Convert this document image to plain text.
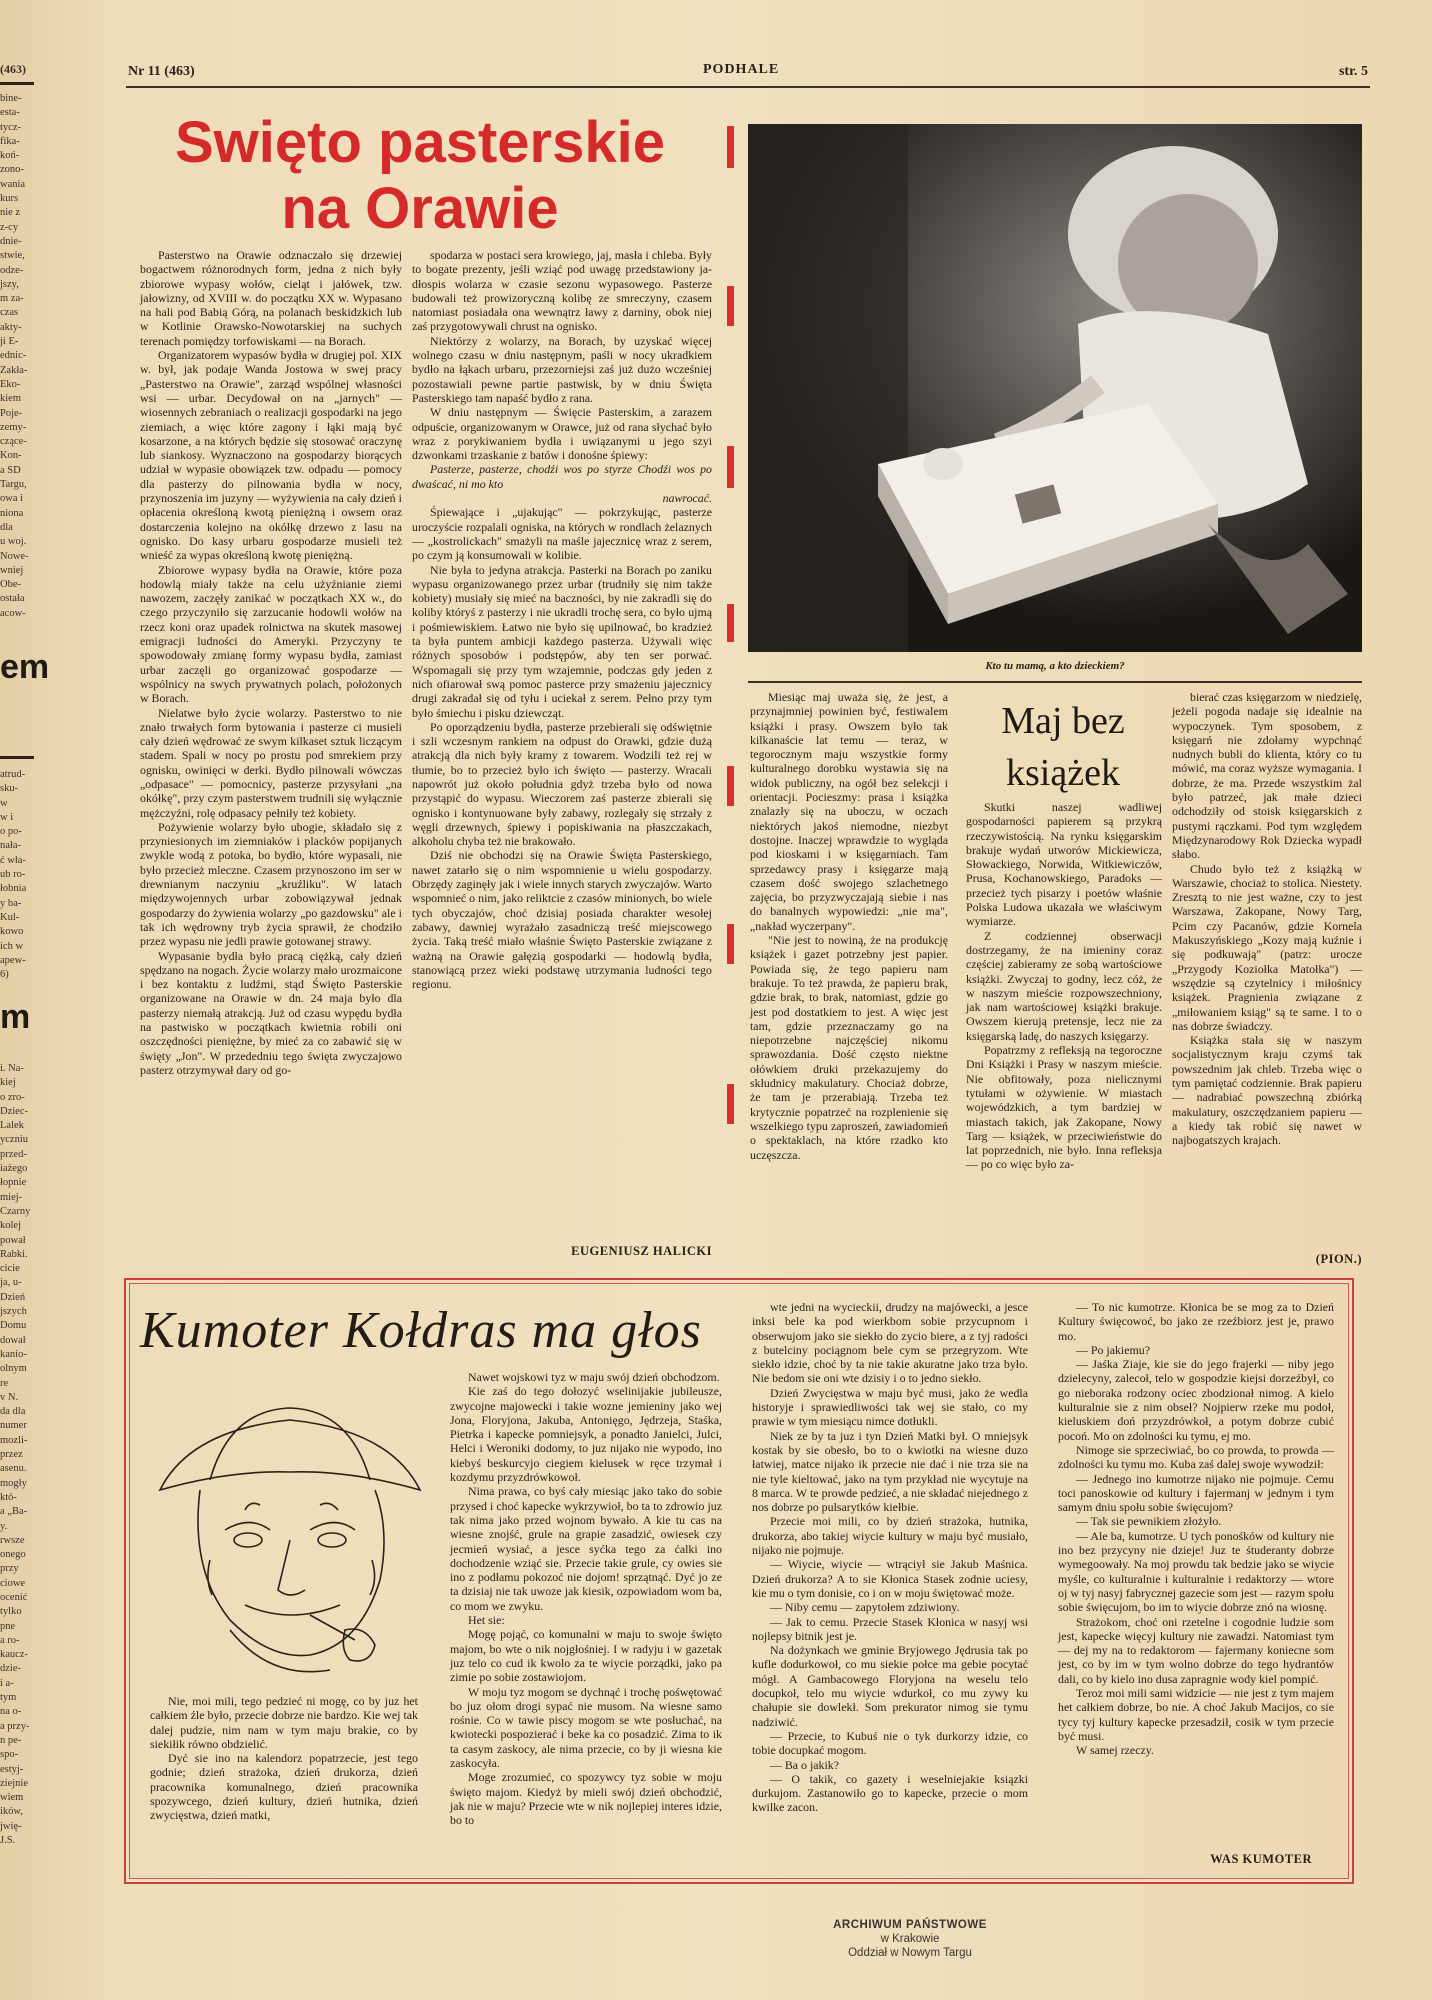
(463)
bine-
esta-
tycz-
fika-
koń-
zono-
wania
kurs
nie z
z-cy
dnie-
stwie,
odze-
jszy,
m za-
czas
akty-
ji E-
ednic-
Zakła-
Eko-
kiem
Poje-
zemy-
czące-
Kon-
a SD
Targu,
owa i
niona
dla
u woj.
Nowe-
wniej
Obe-
ostała
acow-
em
atrud-
sku-
w
w i
o po-
nała-
ć wła-
ub ro-
łobnia
y ba-
Kul-
kowo
ich w
apew-
6)
m
i. Na-
kiej
o zro-
Dziec-
Lalek
yczniu
przed-
iażego
łopnie
miej-
Czarny
kolej
pował
Rabki.
cicie
ja, u-
Dzień
jszych
Domu
dował
kanio-
olnym
re
v N.
da dla
numer
mozli-
przez
asenu.
mogły
któ-
a „Ba-
y.
rwsze
onego
przy
ciowe
ocenić
tylko
pne
a ro-
kaucz-
dzie-
i a-
tym
na o-
a przy-
n pe-
spo-
estyj-
ziejnie
wiem
ików,
jwię-
J.S.
Nr 11 (463)	PODHALE	str. 5
Swięto pasterskie
na Orawie

Pasterstwo na Orawie odznaczało się drzewiej bogactwem różnorodnych form, jedna z nich były zbiorowe wypasy wołów, cieląt i jałówek, tzw. jałowizny, od XVIII w. do początku XX w. Wypasano na hali pod Babią Górą, na polanach beskidzkich lub w Kotlinie Orawsko-Nowotarskiej na suchych terenach pomiędzy torfowiskami — na Borach.

Organizatorem wypasów bydła w drugiej pol. XIX w. był, jak podaje Wanda Jostowa w swej pracy „Pasterstwo na Orawie", zarząd wspólnej własności wsi — urbar. Decydował on na „jarnych" — wiosennych zebraniach o realizacji gospodarki na jego ziemiach, a więc które zagony i łąki mają być kosarzone, a na których będzie się stosować oraczynę lub siankosy. Wyznaczono na gospodarzy biorących udział w wypasie obowiązek tzw. odpadu — pomocy dla pasterzy do pilnowania bydła w nocy, przynoszenia im juzyny — wyżywienia na cały dzień i opłacenia określoną kwotą pieniężną i owsem oraz dostarczenia kolejno na okółkę drzewo z lasu na ognisko. Do kasy urbaru gospodarze musieli też wnieść za wypas określoną kwotę pieniężną.

Zbiorowe wypasy bydła na Orawie, które poza hodowlą miały także na celu użyźnianie ziemi nawozem, zaczęły zanikać w początkach XX w., do czego przyczyniło się zarzucanie hodowli wołów na rzecz koni oraz upadek rolnictwa na skutek masowej emigracji ludności do Ameryki. Przyczyny te spowodowały zmianę formy wypasu bydła, zamiast urbar zaczęli go organizować gospodarze — wspólnicy na swych prywatnych polach, położonych w Borach.

Nielatwe było życie wolarzy. Pasterstwo to nie znało trwałych form bytowania i pasterze ci musieli cały dzień wędrować ze swym kilkaset sztuk liczącym stadem. Spali w nocy po prostu pod smrekiem przy ognisku, owinięci w derki. Bydło pilnowali wówczas „odpasace" — pomocnicy, pasterze przysyłani „na okółkę", przy czym pasterstwem trudnili się wyłącznie mężczyźni, rolę odpasacy pełniły też kobiety.

Pożywienie wolarzy było ubogie, składało się z przyniesionych im ziemniaków i placków popijanych zwykle wodą z potoka, bo bydło, które wypasali, nie było przecież mleczne. Czasem przynoszono im ser w drewnianym naczyniu „kruźliku". W latach międzywojennych urbar zobowiązywał jednak gospodarzy do żywienia wolarzy „po gazdowsku" ale i tak ich wędrowny tryb życia sprawił, że chodziło przez wypasu nie jedli prawie gotowanej strawy.

Wypasanie bydła było pracą ciężką, cały dzień spędzano na nogach. Życie wolarzy mało urozmaicone i bez kontaktu z ludźmi, stąd Święto Pasterskie organizowane na Orawie w dn. 24 maja było dla pasterzy niemałą atrakcją. Już od czasu wypędu bydła na pastwisko w początkach kwietnia robili oni oszczędności pieniężne, by mieć za co zabawić się w święty „Jon". W przededniu tego święta zwyczajowo pasterz otrzymywał dary od go-

spodarza w postaci sera krowiego, jaj, masła i chleba. Były to bogate prezenty, jeśli wziąć pod uwagę przedstawiony ja-dłospis wolarza w czasie sezonu wypasowego. Pasterze budowali też prowizoryczną kolibę ze smreczyny, czasem natomiast posiadała ona wewnątrz ławy z darniny, obok niej zaś przygotowywali chrust na ognisko.

Niektórzy z wolarzy, na Borach, by uzyskać więcej wolnego czasu w dniu następnym, paśli w nocy ukradkiem bydło na łąkach urbaru, przezorniejsi zaś już dużo wcześniej pozostawiali pewne partie pastwisk, by w dniu Święta Pasterskiego tam napaść bydło z rana.

W dniu następnym — Święcie Pasterskim, a zarazem odpuście, organizowanym w Orawce, już od rana słychać było wraz z porykiwaniem bydła i uwiązanymi u jego szyi dzwonkami trzaskanie z batów i donośne śpiewy:

Pasterze, pasterze, chodźi wos po styrze Chodźi wos po dwaścać, ni mo kto

nawrocać.

Śpiewające i „ujakując" — pokrzykując, pasterze uroczyście rozpalali ogniska, na których w rondlach żelaznych — „kostrolickach" smażyli na maśle jajecznicę wraz z serem, po czym ją konsumowali w kolibie.

Nie była to jedyna atrakcja. Pasterki na Borach po zaniku wypasu organizowanego przez urbar (trudniły się nim także kobiety) musiały się mieć na baczności, by nie zakradli się do koliby któryś z pasterzy i nie ukradli trochę sera, co było ujmą i pośmiewiskiem. Łatwo nie było się upilnować, bo kradzież ta była puntem ambicji każdego pasterza. Używali więc różnych sposobów i podstępów, aby ten ser porwać. Wspomagali się przy tym wzajemnie, podczas gdy jeden z nich ofiarował swą pomoc pasterce przy smażeniu jajecznicy drugi zakradał się od tyłu i uciekał z serem. Pełno przy tym było śmiechu i pisku dziewcząt.

Po oporządzeniu bydła, pasterze przebierali się odświętnie i szli wczesnym rankiem na odpust do Orawki, gdzie dużą atrakcją dla nich były kramy z towarem. Wodzili też rej w tłumie, bo to przecież było ich święto — pasterzy. Wracali napowrót już około południa gdyż trzeba było od nowa przystąpić do wypasu. Wieczorem zaś pasterze zbierali się ognisko i kontynuowane były zabawy, rozlegały się strzały z węgli drzewnych, śpiewy i popiskiwania na płaszczakach, alkoholu chyba też nie brakowało.

Dziś nie obchodzi się na Orawie Święta Pasterskiego, nawet zatarło się o nim wspomnienie u wielu gospodarzy. Obrzędy zaginęły jak i wiele innych starych zwyczajów. Warto wspomnieć o nim, jako reliktcie z czasów minionych, bo wiele tych obyczajów, choć dzisiaj posiada charakter wesołej zabawy, dawniej wyrażało zasadniczą treść miejscowego życia. Taką treść miało właśnie Święto Pasterskie związane z ważną na Orawie gałęzią gospodarki — hodowlą bydła, stanowiącą przez wieki podstawę utrzymania ludności tego regionu.

EUGENIUSZ HALICKI
Kto tu mamą, a kto dzieckiem?

Miesiąc maj uważa się, że jest, a przynajmniej powinien być, festiwalem książki i prasy. Owszem było tak kilkanaście lat temu — teraz, w tegorocznym maju wszystkie formy kulturalnego dorobku wystawia się na widok publiczny, na ogół bez selekcji i orientacji. Pocieszmy: prasa i książka znalazły się na uboczu, w oczach niektórych jakoś niemodne, niezbyt dostojne. Inaczej wprawdzie to wygląda pod kioskami i w księgarniach. Tam sprzedawcy prasy i księgarze mają czasem dość swojego szlachetnego zajęcia, bo przyzwyczajają siebie i nas do banalnych wypowiedzi: „nie ma", „nakład wyczerpany".

"Nie jest to nowiną, że na produkcję książek i gazet potrzebny jest papier. Powiada się, że tego papieru nam brakuje. To też prawda, że papieru brak, gdzie brak, to brak, natomiast, gdzie go jest pod dostatkiem to jest. A więc jest tam, gdzie przeznaczamy go na niepotrzebne najczęściej nikomu sprawozdania. Dość często niektne ołówkiem druki przekazujemy do skłudnicy makulatury. Chociaż dobrze, że tam je przerabiają. Trzeba też krytycznie popatrzeć na rozplenienie się wszelkiego typu zaproszeń, zawiadomień o spektaklach, na które rzadko kto uczęszcza.

Maj bez
książek

Skutki naszej wadliwej gospodarności papierem są przykrą rzeczywistością. Na rynku księgarskim brakuje wydań utworów Mickiewicza, Słowackiego, Norwida, Witkiewiczów, Prusa, Kochanowskiego, Paradoks — przecież tych pisarzy i poetów właśnie Polska Ludowa ukazała we właściwym wymiarze.

Z codziennej obserwacji dostrzegamy, że na imieniny coraz częściej zabieramy ze sobą wartościowe książki. Zwyczaj to godny, lecz cóż, że w naszym mieście rozpowszechniony, jak nam wartościowej książki brakuje. Owszem kierują pretensje, lecz nie za księgarską ladę, do naszych księgarzy.

Popatrzmy z refleksją na tegoroczne Dni Książki i Prasy w naszym mieście. Nie obfitowały, poza nielicznymi tytułami w ożywienie. W miastach wojewódzkich, a tym bardziej w miastach takich, jak Zakopane, Nowy Targ — książek, w przeciwieństwie do lat poprzednich, nie było. Inna refleksja — po co więc było za-

bierać czas księgarzom w niedzielę, jeżeli pogoda nadaje się idealnie na wypoczynek. Tym sposobem, z księgarń nie zdołamy wypchnąć nudnych bubli do klienta, który co tu mówić, ma coraz wyższe wymagania. I dobrze, że ma. Przede wszystkim żal było patrzeć, jak małe dzieci odchodziły od stoisk księgarskich z pustymi rączkami. Pod tym względem Międzynarodowy Rok Dziecka wypadł słabo.

Chudo było też z książką w Warszawie, chociaż to stolica. Niestety. Zresztą to nie jest ważne, czy to jest Warszawa, Zakopane, Nowy Targ, Pcim czy Pacanów, gdzie Kornela Makuszyńskiego „Kozy mają kuźnie i się podkuwają" (patrz: urocze „Przygody Koziołka Matołka") — wszędzie są czytelnicy i miłośnicy książek. Pragnienia związane z „miłowaniem ksiąg" są te same. I to o nas dobrze świadczy.

Książka stała się w naszym socjalistycznym kraju czymś tak powszednim jak chleb. Trzeba więc o tym pamiętać codziennie. Brak papieru — nadrabiać powszechną zbiórką makulatury, oszczędzaniem papieru — a kiedy tak robić się nawet w najbogatszych krajach.

(PION.)
Kumoter Kołdras ma głos

Nie, moi mili, tego pedzieć ni mogę, co by juz het całkiem źle było, przecie dobrze nie bardzo. Kie wej tak dalej pudzie, nim nam w tym maju brakie, co by siekiłik równo obdzielić.

Dyć sie ino na kalendorz popatrzecie, jest tego godnie; dzień strażoka, dzień drukorza, dzień pracownika komunalnego, dzień pracownika spozywcego, dzień kultury, dzień hutnika, dzień zwycięstwa, dzień matki,

Nawet wojskowi tyz w maju swój dzień obchodzom.

Kie zaś do tego dołozyć wselinijakie jubileusze, zwycojne majowecki i takie wozne jemieniny jako wej Jona, Floryjona, Jakuba, Antonięgo, Jędrzeja, Staśka, Pietrka i kapecke pomniejsyk, a ponadto Janielci, Julci, Helci i Weroniki dodomy, to juz nijako nie wypodo, ino kiebyś beskurcyjo ciegiem kielusek w ręce trzymał i kozdymu przyzdrówkowoł.

Nima prawa, co byś cały miesiąc jako tako do sobie przysed i choć kapecke wykrzywioł, bo ta to zdrowio juz tak nima jako przed wojnom bywało. A kie tu cas na wiesne znojść, grule na grapie zasadzić, owiesek czy jecmień wysiać, a jesce syćka tego za ćalki ino dochodzenie wziąć sie. Przecie takie grule, cy owies sie ino z podłamu pokozoć nie dojom! sprzątnąć. Dyć jo ze ta dzisiaj nie tak uwoze jak kiesik, ozpowiadom wom ba, co mom we zwyku.

Het sie:

Mogę pojąć, co komunalni w maju to swoje święto majom, bo wte o nik nojgłośniej. I w radyju i w gazetak juz telo co cud ik kwolo za te wiycie porządki, jako pa zimie po sobie zostawiojom.

W moju tyz mogom se dychnąć i trochę pośwętować bo juz ołom drogi sypać nie musom. Na wiesne samo rośnie. Co w tawie piscy mogom se wte posłuchać, na kwiotecki pospozierać i beke ka co posadzić. Zima to ik ta casym zaskocy, ale nima przecie, co by ji wiesna kie zaskocyła.

Moge zrozumieć, co spozywcy tyz sobie w moju święto majom. Kiedyż by mieli swój dzień obchodzić, jak nie w maju? Przecie wte w nik nojlepiej interes idzie, bo to

wte jedni na wycieckii, drudzy na majówecki, a jesce inksi bele ka pod wierkbom sobie przycupnom i obserwujom jako sie siekło do zycio biere, a z tyj radości z butelciny pociągnom bele cym se przegryzom. Wte siekło idzie, choć by ta nie takie akuratne jako trza było. Nie bedom sie oni wte dzisiy i o to jedno siekło.

Dzień Zwycięstwa w maju być musi, jako że wedla historyje i sprawiedliwości tak wej sie stało, co my prawie w tym miesiącu nimce dotłukli.

Niek ze by ta juz i tyn Dzień Matki był. O mniejsyk kostak by sie obesło, bo to o kwiotki na wiesne duzo łatwiej, matce nijako ik przecie nie dać i nie trza sie na nie tyle kieltować, jako na tym przykład nie wycytuje na 8 marca. W te prowde pedzieć, a nie składać niejednego z nos dobrze po pulsarytków kiełbie.

Przecie moi mili, co by dzień strażoka, hutnika, drukorza, abo takiej wiycie kultury w maju być musiało, nijako nie pojmuje.

— Wiycie, wiycie — wtrąciył sie Jakub Maśnica. Dzień drukorza? A to sie Kłonica Stasek zodnie uciesy, kie mu o tym donisie, co i on w moju świętować może.

— Niby cemu — zapytołem zdziwiony.

— Jak to cemu. Przecie Stasek Kłonica w nasyj wsi nojlepsy bitnik jest je.

Na dożynkach we gminie Bryjowego Jędrusia tak po kufle dodurkowoł, co mu siekie połce ma gebie pocytać mógł. A Gambacowego Floryjona na weselu telo docupkoł, telo mu wiycie wdurkoł, co mu zywy ku chałupie sie dowlekł. Som prekurator nimog sie tymu nadziwić.

— Przecie, to Kubuś nie o tyk durkorzy idzie, co tobie docupkać mogom.

— Ba o jakik?

— O takik, co gazety i weselniejakie ksiązki durkujom. Zastanowiło go to kapecke, przecie o mom kwilke zacon.

— To nic kumotrze. Kłonica be se mog za to Dzień Kultury święcowoć, bo jako ze rzeźbiorz jest je, prawo mo.

— Po jakiemu?

— Jaśka Ziaje, kie sie do jego frajerki — niby jego dzielecyny, zalecoł, telo w gospodzie kiejsi dorzeźbył, co go nieboraka rodzony ociec zbodzionał nimog. A kielo kulturalnie sie z nim obseł? Nojpierw rzeke mu podoł, kieluskiem doń przyzdrówkoł, a potym dobrze cubić pocoń. Mo on zdolności ku tymu, ej mo.

Nimoge sie sprzeciwiać, bo co prowda, to prowda — zdolności ku tymu mo. Kuba zaś dalej swoje wywodził:

— Jednego ino kumotrze nijako nie pojmuje. Cemu toci panoskowie od kultury i fajermanj w jednym i tym samym dniu społu sobie święcujom?

— Tak sie pewnikiem złożyło.

— Ale ba, kumotrze. U tych ponośków od kultury nie ino bez przycyny nie dzieje! Juz te śtuderanty dobrze wymegoowały. Na moj prowdu tak bedzie jako se wiycie myśle, co kulturalnie i kulturalnie i redaktorzy — wtore oj w tyj nasyj fabrycznej gazecie som jest — razym społu sobie święcujom, bo im to wiycie dobrze znó na wiosnę.

Strażokom, choć oni rzetelne i cogodnie ludzie som jest, kapecke więcyj kultury nie zawadzi. Natomiast tym — dej my na to redaktorom — fajermany koniecne som jest, co by im w tym wolno dobrze do tego hydrantów dali, co by kielo ino dusa zapragnie wody kiel pompić.

Teroz moi mili sami widzicie — nie jest z tym majem het całkiem dobrze, bo nie. A choć Jakub Macijos, co sie tycy tyj kultury kapecke przesadził, cosik w tym przecie być musi.

W samej rzeczy.

WAS KUMOTER
ARCHIWUM PAŃSTWOWE
w Krakowie
Oddział w Nowym Targu
